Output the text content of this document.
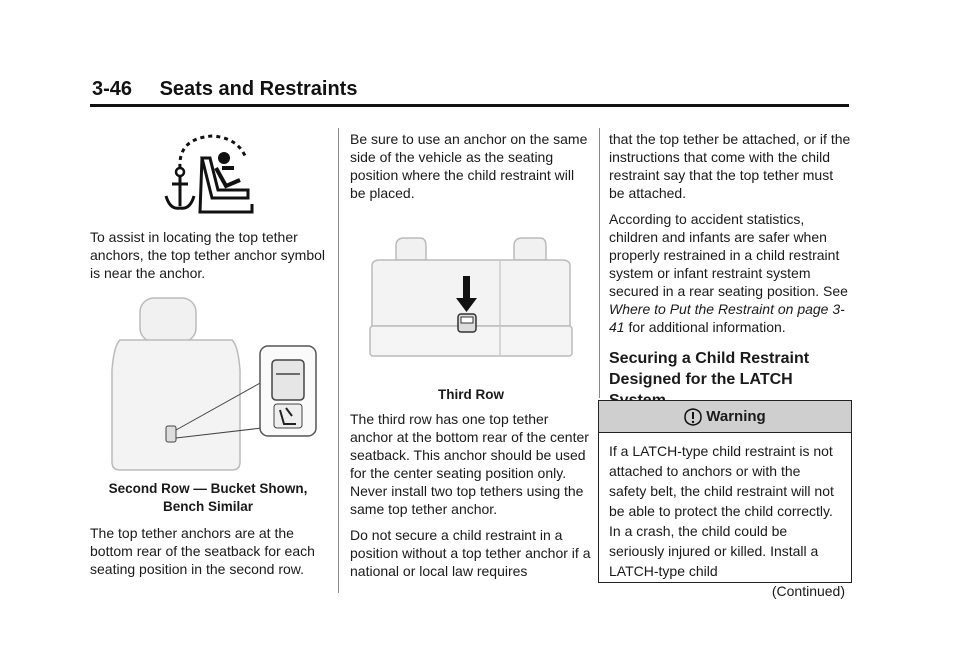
3-46 Seats and Restraints

To assist in locating the top tether anchors, the top tether anchor symbol is near the anchor.

Second Row — Bucket Shown,
Bench Similar

The top tether anchors are at the bottom rear of the seatback for each seating position in the second row.

Be sure to use an anchor on the same side of the vehicle as the seating position where the child restraint will be placed.

Third Row

The third row has one top tether anchor at the bottom rear of the center seatback. This anchor should be used for the center seating position only. Never install two top tethers using the same top tether anchor.

Do not secure a child restraint in a position without a top tether anchor if a national or local law requires

that the top tether be attached, or if the instructions that come with the child restraint say that the top tether must be attached.

According to accident statistics, children and infants are safer when properly restrained in a child restraint system or infant restraint system secured in a rear seating position. See Where to Put the Restraint on page 3-41 for additional information.

Securing a Child Restraint Designed for the LATCH
Warning
If a LATCH-type child restraint is not attached to anchors or with the safety belt, the child restraint will not be able to protect the child correctly. In a crash, the child could be seriously injured or killed. Install a LATCH-type child
(Continued)
